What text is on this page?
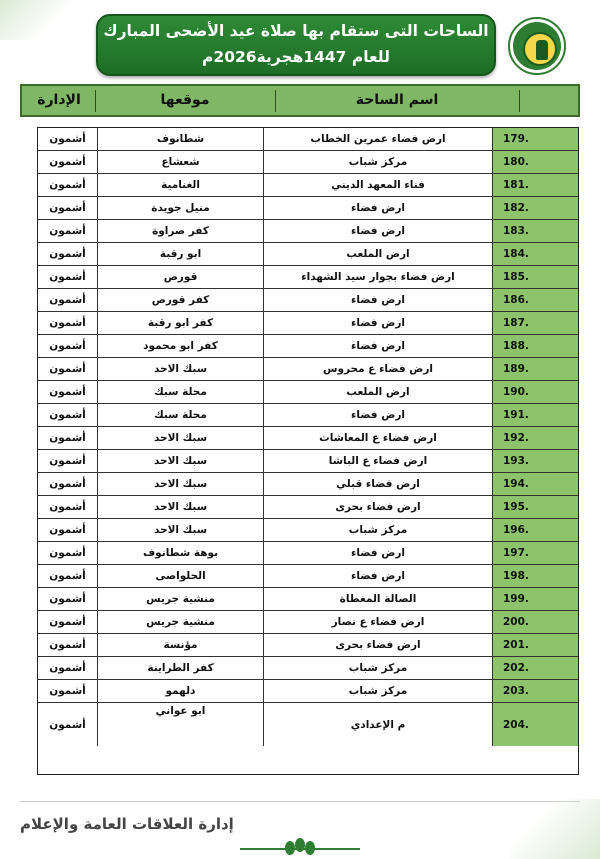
الساحات التى ستقام بها صلاة عيد الأضحى المبارك
للعام 1447هجرية2026م
اسم الساحة
موقعها
الإدارة
179.
ارض فضاء عمرين الخطاب
شطانوف
أشمون
180.
مركز شباب
شعشاع
أشمون
181.
فناء المعهد الديني
الغنامية
أشمون
182.
ارض فضاء
منيل جويدة
أشمون
183.
ارض فضاء
كفر صراوة
أشمون
184.
ارض الملعب
ابو رقبة
أشمون
185.
ارض فضاء بجوار سيد الشهداء
قورص
أشمون
186.
ارض فضاء
كفر قورص
أشمون
187.
ارض فضاء
كفر ابو رقبة
أشمون
188.
ارض فضاء
كفر ابو محمود
أشمون
189.
ارض فضاء ع محروس
سبك الاحد
أشمون
190.
ارض الملعب
محلة سبك
أشمون
191.
ارض فضاء
محلة سبك
أشمون
192.
ارض فضاء ع المعاشات
سبك الاحد
أشمون
193.
ارض فضاء ع الباشا
سبك الاحد
أشمون
194.
ارض فضاء قبلي
سبك الاحد
أشمون
195.
ارض فضاء بحرى
سبك الاحد
أشمون
196.
مركز شباب
سبك الاحد
أشمون
197.
ارض فضاء
بوهة شطانوف
أشمون
198.
ارض فضاء
الحلواصى
أشمون
199.
الصالة المغطاة
منشية جريس
أشمون
200.
ارض فضاء ع نصار
منشية جريس
أشمون
201.
ارض فضاء بحرى
مؤنسة
أشمون
202.
مركز شباب
كفر الطراينة
أشمون
203.
مركز شباب
دلهمو
أشمون
204.
م الإعدادي
ابو عواني
أشمون
إدارة العلاقات العامة والإعلام
